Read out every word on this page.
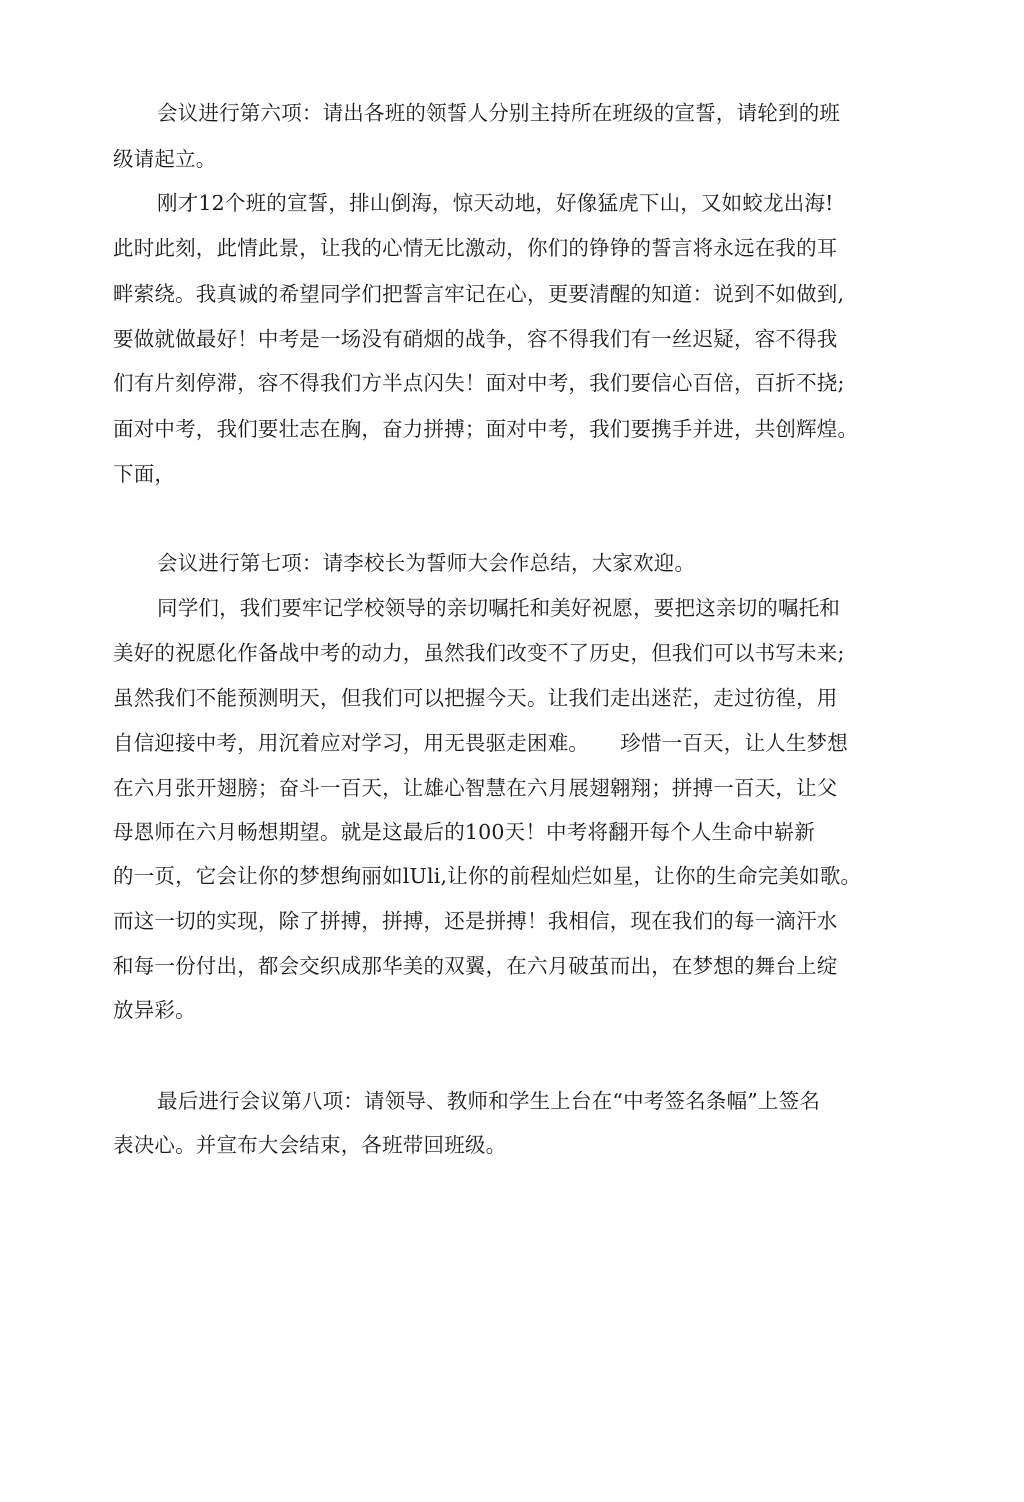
会议进行第六项：请出各班的领誓人分别主持所在班级的宣誓，请轮到的班
级请起立。
刚才12个班的宣誓，排山倒海，惊天动地，好像猛虎下山，又如蛟龙出海!
此时此刻，此情此景，让我的心情无比激动，你们的铮铮的誓言将永远在我的耳
畔萦绕。我真诚的希望同学们把誓言牢记在心，更要清醒的知道：说到不如做到,
要做就做最好！中考是一场没有硝烟的战争，容不得我们有一丝迟疑，容不得我
们有片刻停滞，容不得我们方半点闪失！面对中考，我们要信心百倍，百折不挠;
面对中考，我们要壮志在胸，奋力拼搏；面对中考，我们要携手并进，共创辉煌。
下面，
会议进行第七项：请李校长为誓师大会作总结，大家欢迎。
同学们，我们要牢记学校领导的亲切嘱托和美好祝愿，要把这亲切的嘱托和
美好的祝愿化作备战中考的动力，虽然我们改变不了历史，但我们可以书写未来;
虽然我们不能预测明天，但我们可以把握今天。让我们走出迷茫，走过彷徨，用
自信迎接中考，用沉着应对学习，用无畏驱走困难。　　珍惜一百天，让人生梦想
在六月张开翅膀；奋斗一百天，让雄心智慧在六月展翅翱翔；拼搏一百天，让父
母恩师在六月畅想期望。就是这最后的100天！中考将翻开每个人生命中崭新
的一页，它会让你的梦想绚丽如lUli,让你的前程灿烂如星，让你的生命完美如歌。
而这一切的实现，除了拼搏，拼搏，还是拼搏！我相信，现在我们的每一滴汗水
和每一份付出，都会交织成那华美的双翼，在六月破茧而出，在梦想的舞台上绽
放异彩。
最后进行会议第八项：请领导、教师和学生上台在“中考签名条幅”上签名
表决心。并宣布大会结束，各班带回班级。
